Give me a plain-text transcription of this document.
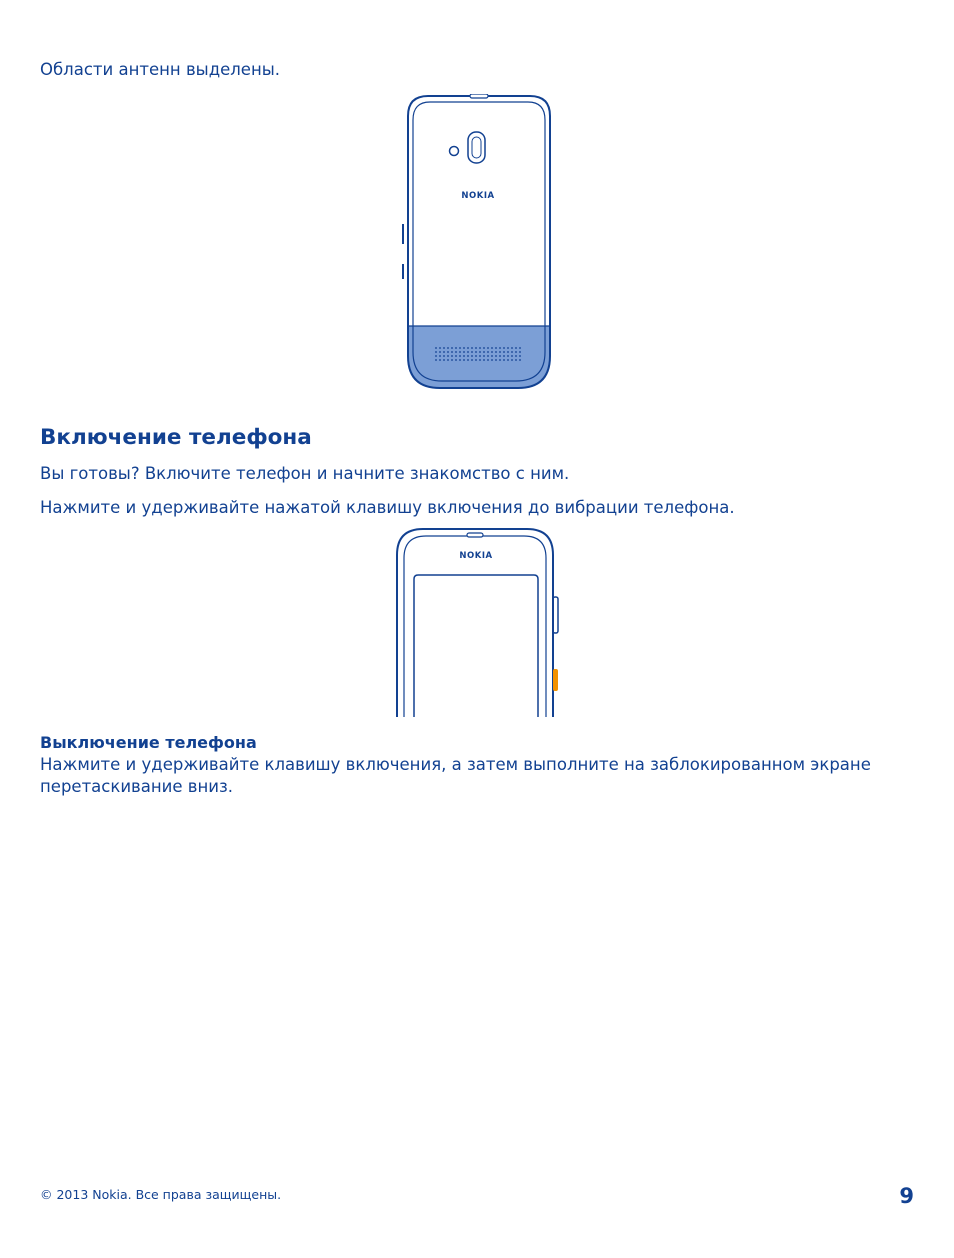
Области антенн выделены.

NOKIA
Включение телефона

Вы готовы? Включите телефон и начните знакомство с ним.

Нажмите и удерживайте нажатой клавишу включения до вибрации телефона.

NOKIA
Выключение телефона

Нажмите и удерживайте клавишу включения, а затем выполните на заблокированном экране перетаскивание вниз.

© 2013 Nokia. Все права защищены.	9
